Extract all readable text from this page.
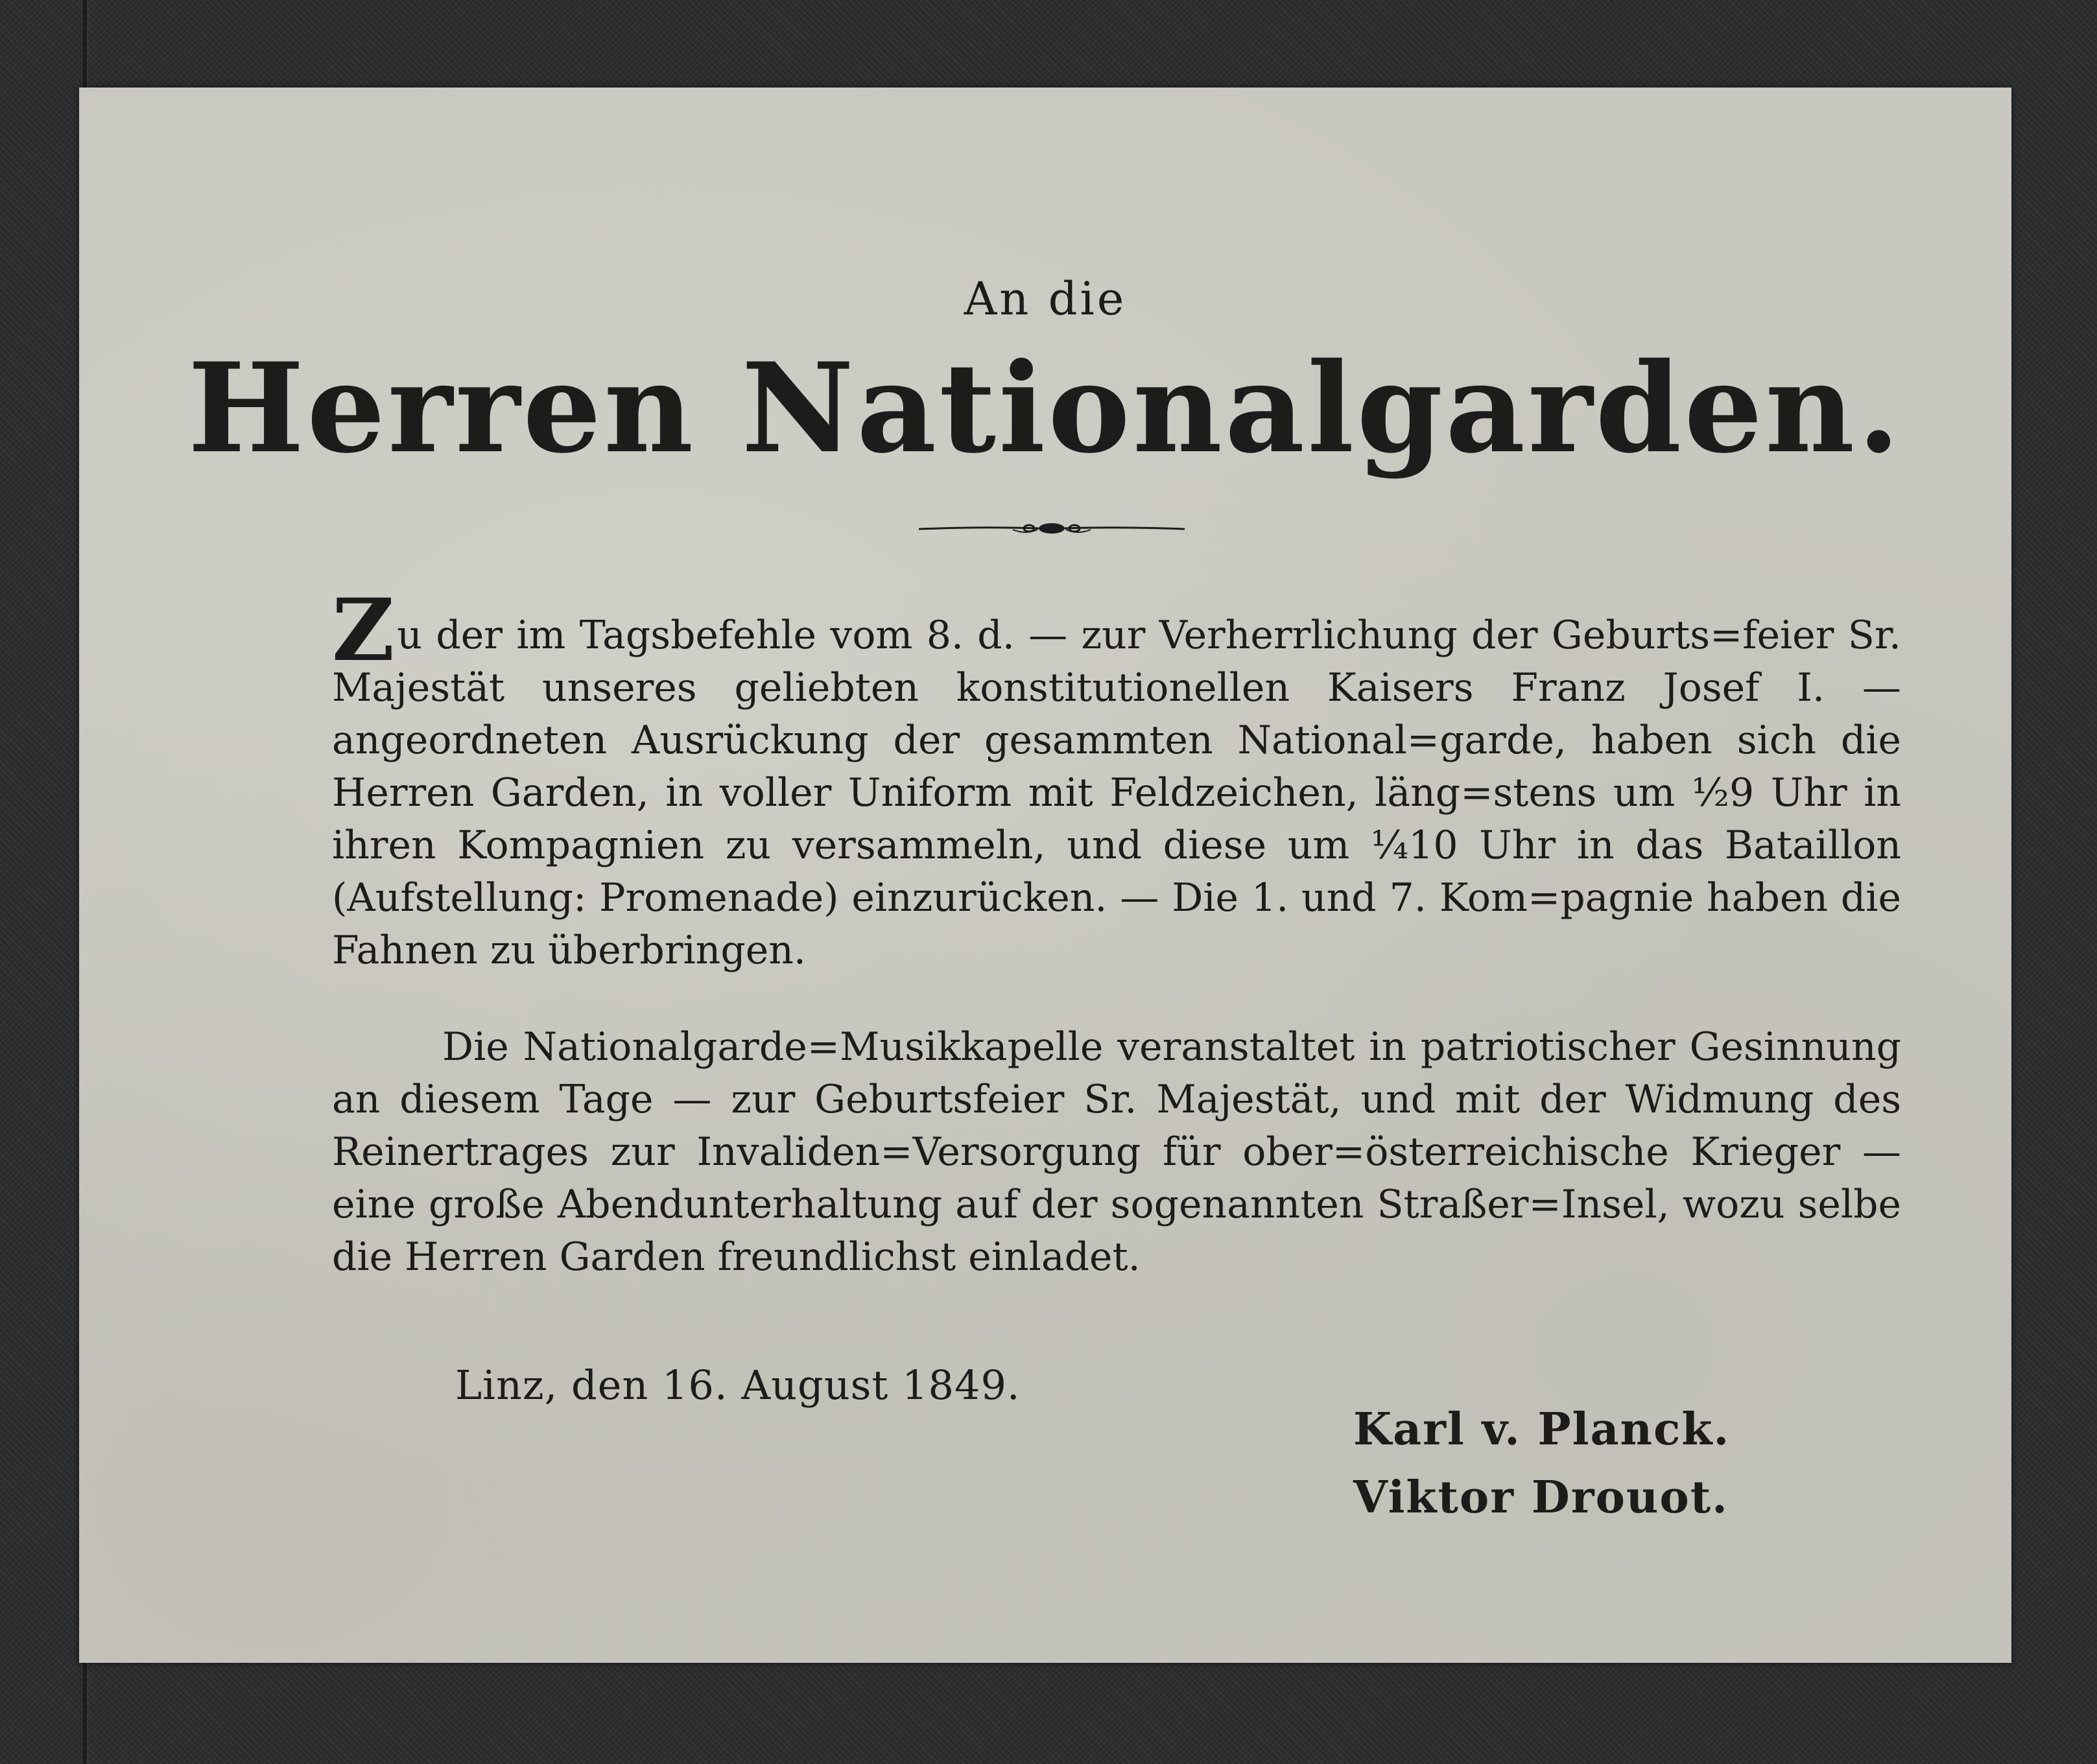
An die
Herren Nationalgarden.

Zu der im Tagsbefehle vom 8. d. — zur Verherrlichung der Geburts=feier Sr. Majestät unseres geliebten konstitutionellen Kaisers Franz Josef I. — angeordneten Ausrückung der gesammten National=garde, haben sich die Herren Garden, in voller Uniform mit Feldzeichen, läng=stens um ½9 Uhr in ihren Kompagnien zu versammeln, und diese um ¼10 Uhr in das Bataillon (Aufstellung: Promenade) einzurücken. — Die 1. und 7. Kom=pagnie haben die Fahnen zu überbringen.

Die Nationalgarde=Musikkapelle veranstaltet in patriotischer Gesinnung an diesem Tage — zur Geburtsfeier Sr. Majestät, und mit der Widmung des Reinertrages zur Invaliden=Versorgung für ober=österreichische Krieger — eine große Abendunterhaltung auf der sogenannten Straßer=Insel, wozu selbe die Herren Garden freundlichst einladet.

Linz, den 16. August 1849.
Karl v. Planck.
Viktor Drouot.
